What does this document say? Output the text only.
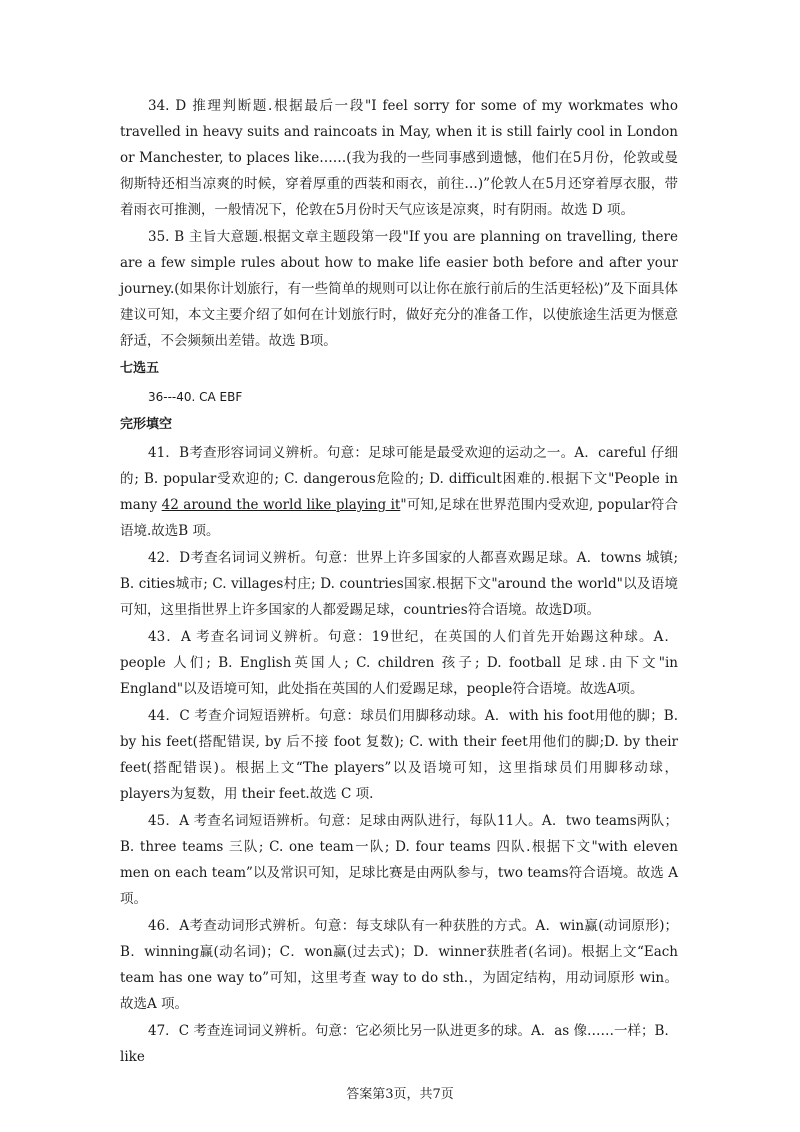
34. D 推理判断题.根据最后一段"I feel sorry for some of my workmates who travelled in heavy suits and raincoats in May, when it is still fairly cool in London or Manchester, to places like……(我为我的一些同事感到遗憾，他们在5月份，伦敦或曼彻斯特还相当凉爽的时候，穿着厚重的西装和雨衣，前往…)”伦敦人在5月还穿着厚衣服，带着雨衣可推测，一般情况下，伦敦在5月份时天气应该是凉爽，时有阴雨。故选 D 项。

35. B 主旨大意题.根据文章主题段第一段"If you are planning on travelling, there are a few simple rules about how to make life easier both before and after your journey.(如果你计划旅行，有一些简单的规则可以让你在旅行前后的生活更轻松)”及下面具体建议可知，本文主要介绍了如何在计划旅行时，做好充分的准备工作，以使旅途生活更为惬意舒适，不会频频出差错。故选 B项。

七选五

36---40. CA EBF

完形填空

41．B考查形容词词义辨析。句意：足球可能是最受欢迎的运动之一。A．careful 仔细的; B. popular受欢迎的; C. dangerous危险的; D. difficult困难的.根据下文"People in many 42 around the world like playing it"可知,足球在世界范围内受欢迎, popular符合语境.故选B 项。

42．D考查名词词义辨析。句意：世界上许多国家的人都喜欢踢足球。A．towns 城镇; B. cities城市; C. villages村庄; D. countries国家.根据下文"around the world"以及语境可知，这里指世界上许多国家的人都爱踢足球，countries符合语境。故选D项。

43．A 考查名词词义辨析。句意：19世纪，在英国的人们首先开始踢这种球。A．people 人们; B. English英国人; C. children 孩子; D. football 足球.由下文"in England"以及语境可知，此处指在英国的人们爱踢足球，people符合语境。故选A项。

44．C 考查介词短语辨析。句意：球员们用脚移动球。A．with his foot用他的脚；B. by his feet(搭配错误, by 后不接 foot 复数); C. with their feet用他们的脚;D. by their feet(搭配错误)。根据上文“The players”以及语境可知，这里指球员们用脚移动球，players为复数，用 their feet.故选 C 项.

45．A 考查名词短语辨析。句意：足球由两队进行，每队11人。A．two teams两队；B. three teams 三队; C. one team一队; D. four teams 四队.根据下文"with eleven men on each team”以及常识可知，足球比赛是由两队参与，two teams符合语境。故选 A项。

46．A考查动词形式辨析。句意：每支球队有一种获胜的方式。A．win赢(动词原形)；B．winning赢(动名词)；C．won赢(过去式)；D．winner获胜者(名词)。根据上文“Each team has one way to”可知，这里考查 way to do sth.，为固定结构，用动词原形 win。故选A 项。

47．C 考查连词词义辨析。句意：它必须比另一队进更多的球。A．as 像……一样；B．like

答案第3页，共7页
